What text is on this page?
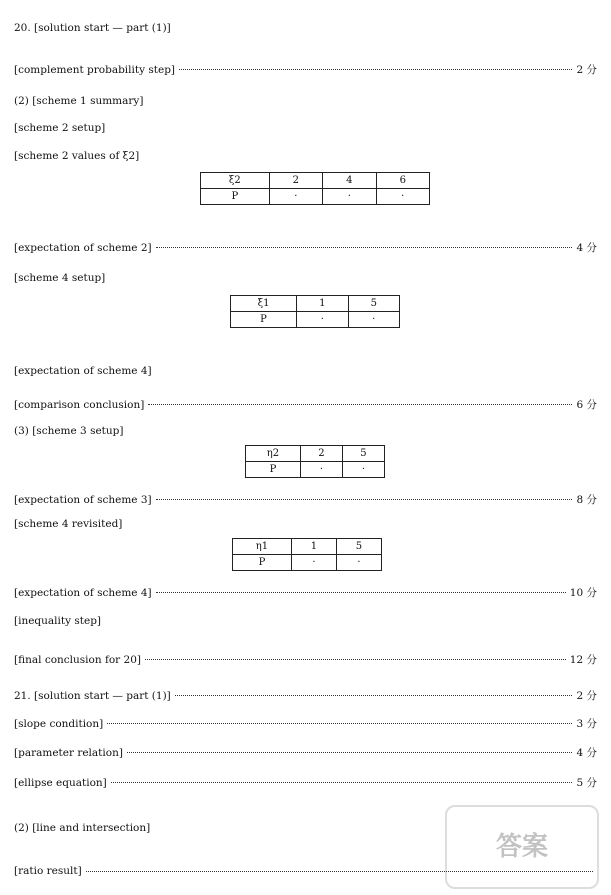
20. [solution start — part (1)]
[complement probability step]	2 分
(2) [scheme 1 summary]
[scheme 2 setup]
[scheme 2 values of ξ2]
ξ2	2	4	6
P	·	·	·
[expectation of scheme 2]	4 分
[scheme 4 setup]
ξ1	1	5
P	·	·
[expectation of scheme 4]
[comparison conclusion]	6 分
(3) [scheme 3 setup]
η2	2	5
P	·	·
[expectation of scheme 3]	8 分
[scheme 4 revisited]
η1	1	5
P	·	·
[expectation of scheme 4]	10 分
[inequality step]
[final conclusion for 20]	12 分
21. [solution start — part (1)]	2 分
[slope condition]	3 分
[parameter relation]	4 分
[ellipse equation]	5 分
(2) [line and intersection]
[ratio result]
答案
